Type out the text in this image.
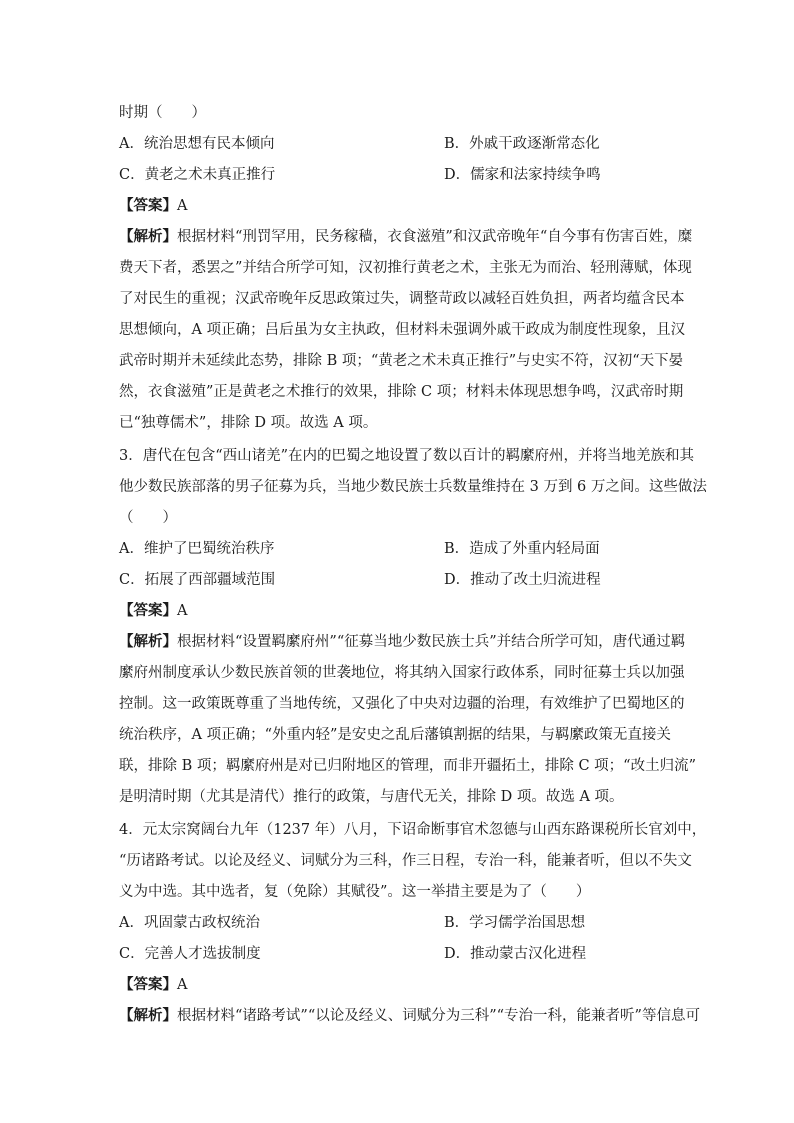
时期（　　）
A．统治思想有民本倾向	B．外戚干政逐渐常态化
C．黄老之术未真正推行	D．儒家和法家持续争鸣
【答案】A
【解析】根据材料“刑罚罕用，民务稼穑，衣食滋殖”和汉武帝晚年“自今事有伤害百姓，糜
费天下者，悉罢之”并结合所学可知，汉初推行黄老之术，主张无为而治、轻刑薄赋，体现
了对民生的重视；汉武帝晚年反思政策过失，调整苛政以减轻百姓负担，两者均蕴含民本
思想倾向，A 项正确；吕后虽为女主执政，但材料未强调外戚干政成为制度性现象，且汉
武帝时期并未延续此态势，排除 B 项；“黄老之术未真正推行”与史实不符，汉初“天下晏
然，衣食滋殖”正是黄老之术推行的效果，排除 C 项；材料未体现思想争鸣，汉武帝时期
已“独尊儒术”，排除 D 项。故选 A 项。
3．唐代在包含“西山诸羌”在内的巴蜀之地设置了数以百计的羁縻府州，并将当地羌族和其
他少数民族部落的男子征募为兵，当地少数民族士兵数量维持在 3 万到 6 万之间。这些做法
（　　）
A．维护了巴蜀统治秩序	B．造成了外重内轻局面
C．拓展了西部疆域范围	D．推动了改土归流进程
【答案】A
【解析】根据材料“设置羁縻府州”“征募当地少数民族士兵”并结合所学可知，唐代通过羁
縻府州制度承认少数民族首领的世袭地位，将其纳入国家行政体系，同时征募士兵以加强
控制。这一政策既尊重了当地传统，又强化了中央对边疆的治理，有效维护了巴蜀地区的
统治秩序，A 项正确；“外重内轻”是安史之乱后藩镇割据的结果，与羁縻政策无直接关
联，排除 B 项；羁縻府州是对已归附地区的管理，而非开疆拓土，排除 C 项；“改土归流”
是明清时期（尤其是清代）推行的政策，与唐代无关，排除 D 项。故选 A 项。
4．元太宗窝阔台九年（1237 年）八月，下诏命断事官术忽德与山西东路课税所长官刘中，
“历诸路考试。以论及经义、词赋分为三科，作三日程，专治一科，能兼者听，但以不失文
义为中选。其中选者，复（免除）其赋役”。这一举措主要是为了（　　）
A．巩固蒙古政权统治	B．学习儒学治国思想
C．完善人才选拔制度	D．推动蒙古汉化进程
【答案】A
【解析】根据材料“诸路考试”“以论及经义、词赋分为三科”“专治一科，能兼者听”等信息可
